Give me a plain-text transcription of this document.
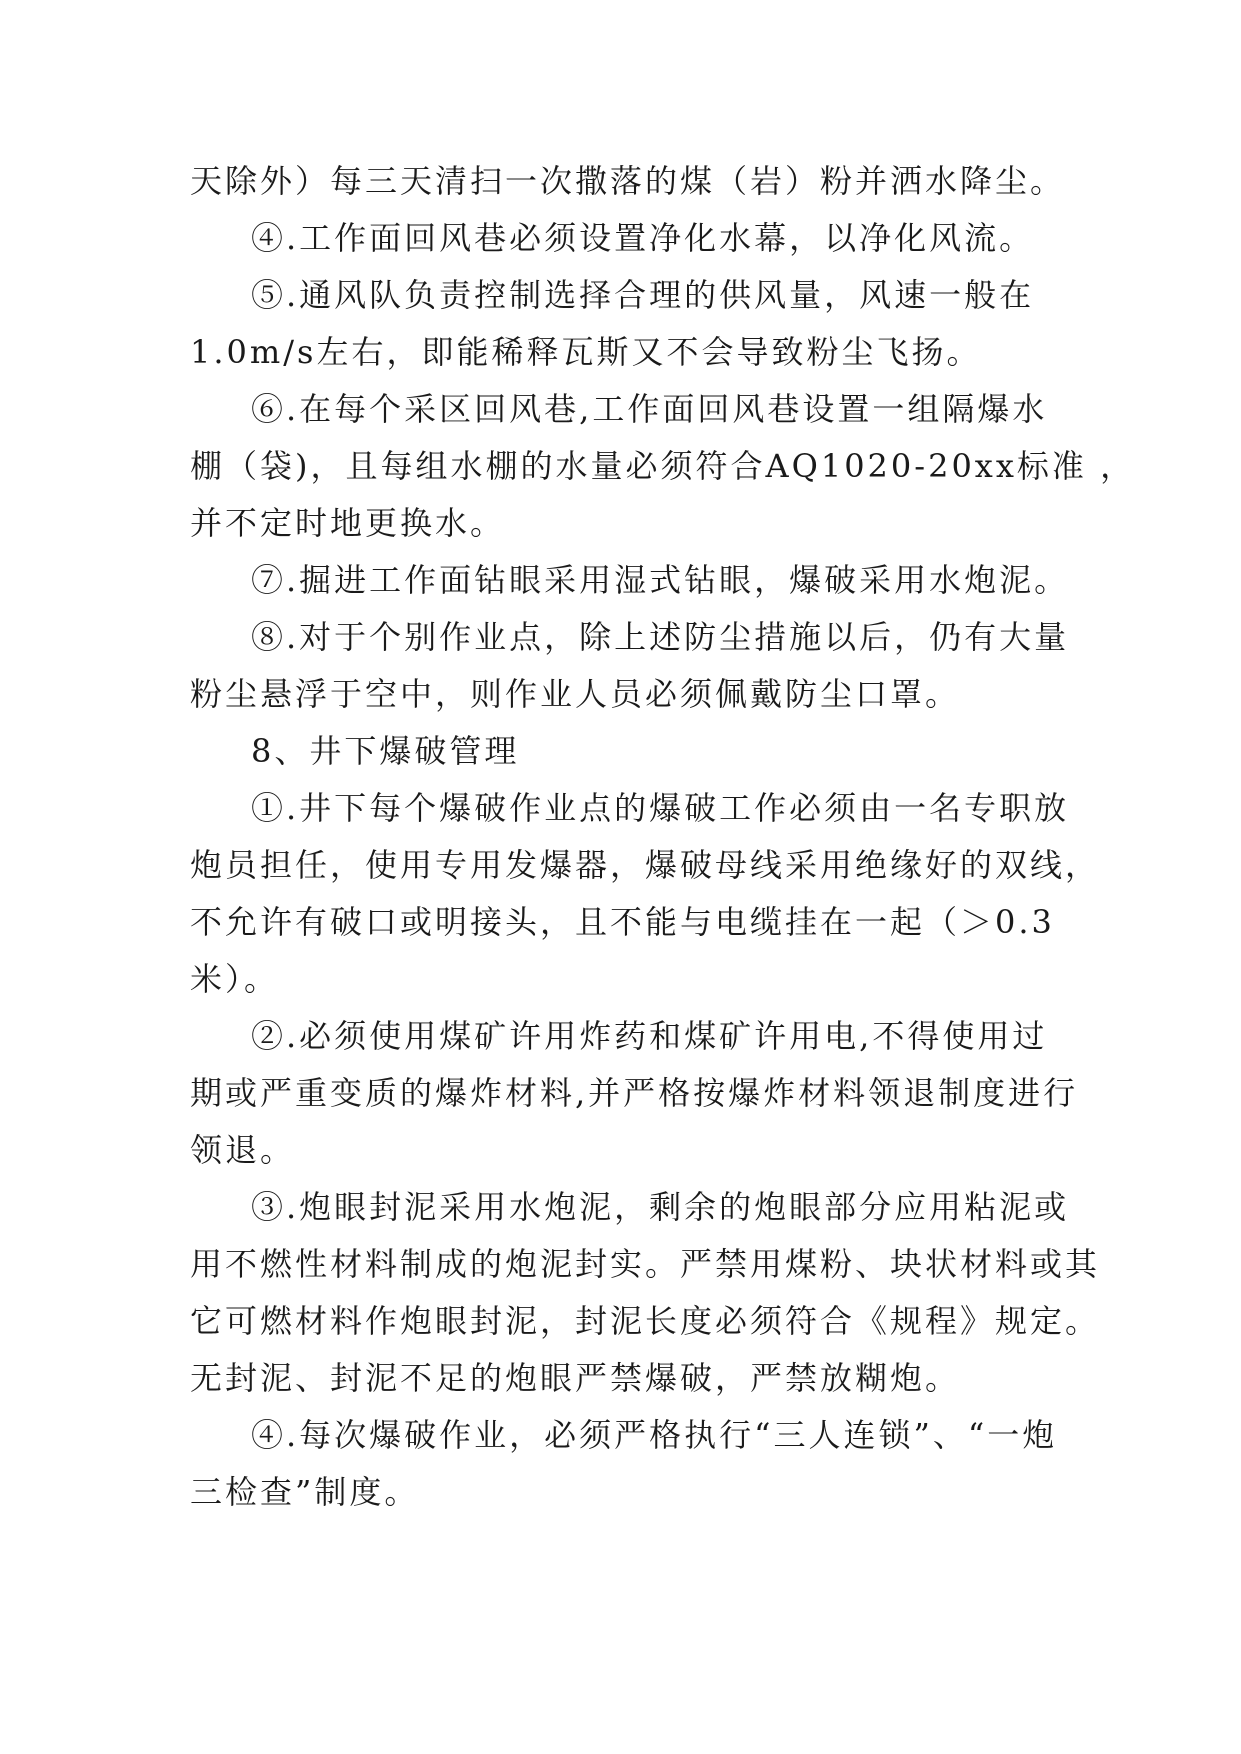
天除外）每三天清扫一次撒落的煤（岩）粉并洒水降尘。
④.工作面回风巷必须设置净化水幕，以净化风流。
⑤.通风队负责控制选择合理的供风量，风速一般在
1.0m/s左右，即能稀释瓦斯又不会导致粉尘飞扬。
⑥.在每个采区回风巷,工作面回风巷设置一组隔爆水
棚（袋)，且每组水棚的水量必须符合AQ1020-20xx标准 ，
并不定时地更换水。
⑦.掘进工作面钻眼采用湿式钻眼，爆破采用水炮泥。
⑧.对于个别作业点，除上述防尘措施以后，仍有大量
粉尘悬浮于空中，则作业人员必须佩戴防尘口罩。
8、井下爆破管理
①.井下每个爆破作业点的爆破工作必须由一名专职放
炮员担任，使用专用发爆器，爆破母线采用绝缘好的双线，
不允许有破口或明接头，且不能与电缆挂在一起（＞0.3
米）。
②.必须使用煤矿许用炸药和煤矿许用电,不得使用过
期或严重变质的爆炸材料,并严格按爆炸材料领退制度进行
领退。
③.炮眼封泥采用水炮泥，剩余的炮眼部分应用粘泥或
用不燃性材料制成的炮泥封实。严禁用煤粉、块状材料或其
它可燃材料作炮眼封泥，封泥长度必须符合《规程》规定。
无封泥、封泥不足的炮眼严禁爆破，严禁放糊炮。
④.每次爆破作业，必须严格执行“三人连锁”、“一炮
三检查”制度。
